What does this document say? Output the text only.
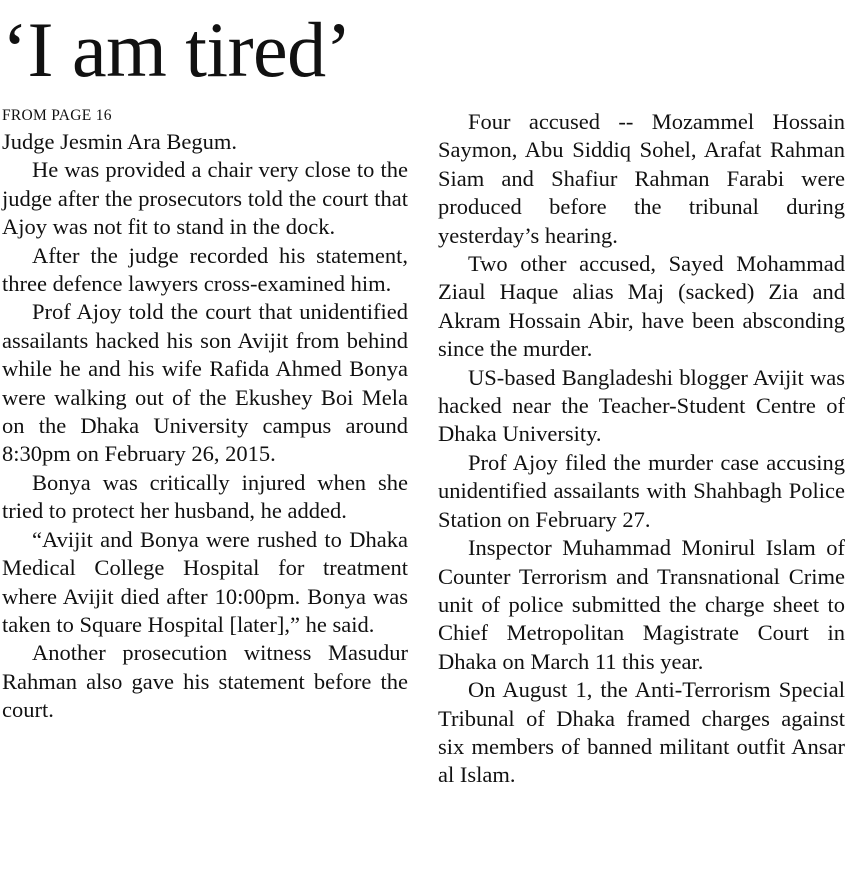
‘I am tired’
FROM PAGE 16

Judge Jesmin Ara Begum.

He was provided a chair very close to the judge after the prosecutors told the court that Ajoy was not fit to stand in the dock.

After the judge recorded his statement, three defence lawyers cross-examined him.

Prof Ajoy told the court that unidentified assailants hacked his son Avijit from behind while he and his wife Rafida Ahmed Bonya were walking out of the Ekushey Boi Mela on the Dhaka University campus around 8:30pm on February 26, 2015.

Bonya was critically injured when she tried to protect her husband, he added.

“Avijit and Bonya were rushed to Dhaka Medical College Hospital for treatment where Avijit died after 10:00pm. Bonya was taken to Square Hospital [later],” he said.

Another prosecution witness Masudur Rahman also gave his statement before the court.

Four accused -- Mozammel Hossain Saymon, Abu Siddiq Sohel, Arafat Rahman Siam and Shafiur Rahman Farabi were produced before the tribunal during yesterday’s hearing.

Two other accused, Sayed Mohammad Ziaul Haque alias Maj (sacked) Zia and Akram Hossain Abir, have been absconding since the murder.

US-based Bangladeshi blogger Avijit was hacked near the Teacher-Student Centre of Dhaka University.

Prof Ajoy filed the murder case accusing unidentified assailants with Shahbagh Police Station on February 27.

Inspector Muhammad Monirul Islam of Counter Terrorism and Transnational Crime unit of police submitted the charge sheet to Chief Metropolitan Magistrate Court in Dhaka on March 11 this year.

On August 1, the Anti-Terrorism Special Tribunal of Dhaka framed charges against six members of banned militant outfit Ansar al Islam.
